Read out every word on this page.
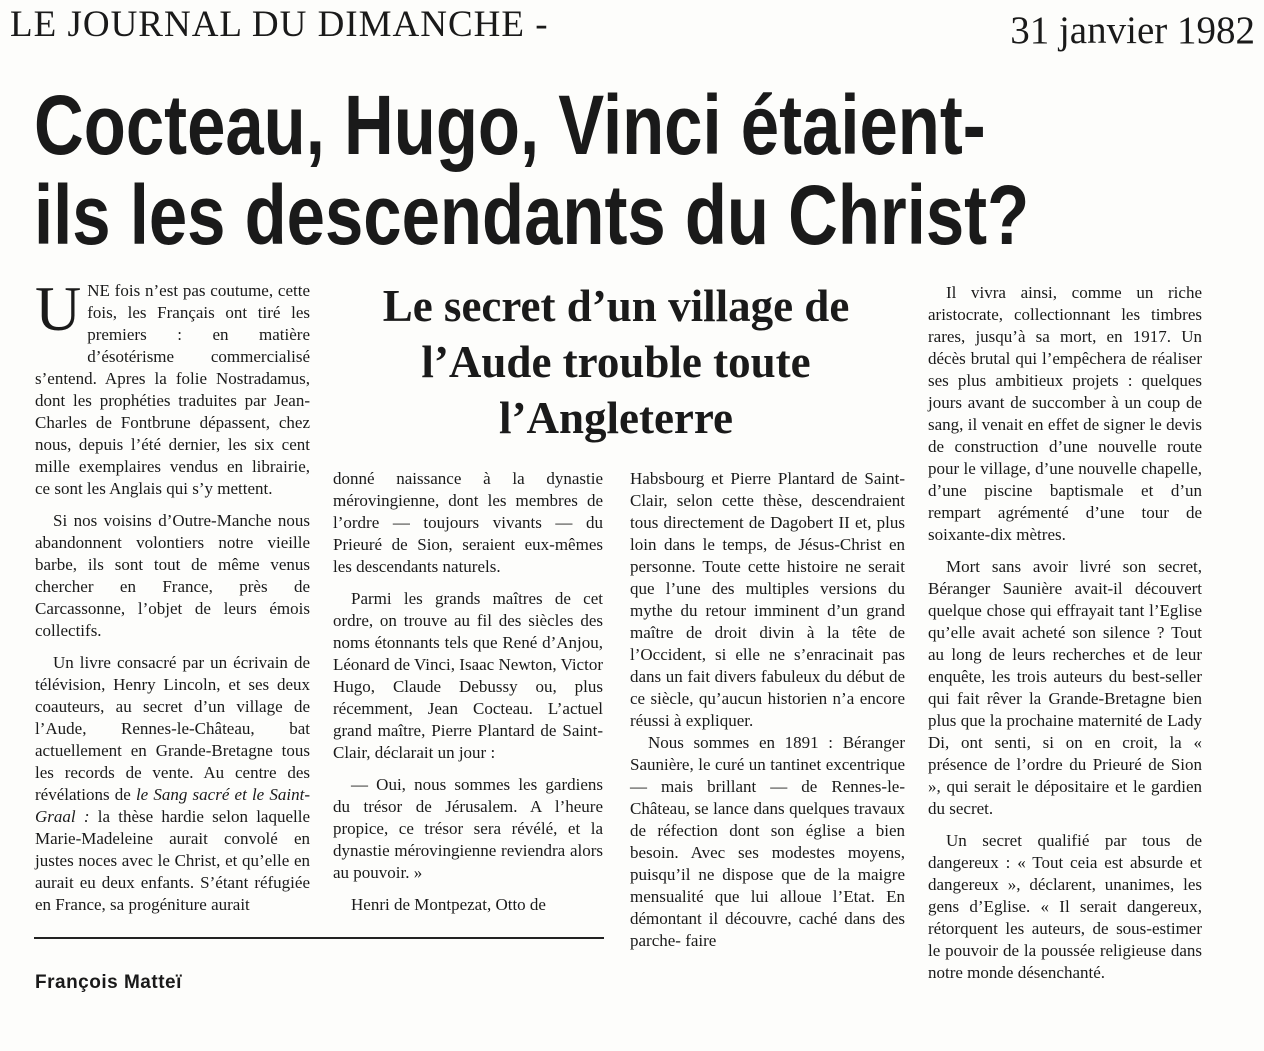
LE JOURNAL DU DIMANCHE -	31 janvier 1982
Cocteau, Hugo, Vinci étaient-
ils les descendants du Christ?
Le secret d’un village de l’Aude trouble toute l’Angleterre
U NE fois n’est pas coutume, cette fois, les Français ont tiré les premiers : en matière d’ésotérisme commercialisé s’entend. Apres la folie Nostradamus, dont les prophéties traduites par Jean-Charles de Fontbrune dépassent, chez nous, depuis l’été dernier, les six cent mille exemplaires vendus en librairie, ce sont les Anglais qui s’y mettent.

Si nos voisins d’Outre-Manche nous abandonnent volontiers notre vieille barbe, ils sont tout de même venus chercher en France, près de Carcassonne, l’objet de leurs émois collectifs.

Un livre consacré par un écrivain de télévision, Henry Lincoln, et ses deux coauteurs, au secret d’un village de l’Aude, Rennes-le-Château, bat actuellement en Grande-Bretagne tous les records de vente. Au centre des révélations de le Sang sacré et le Saint-Graal : la thèse hardie selon laquelle Marie-Madeleine aurait convolé en justes noces avec le Christ, et qu’elle en aurait eu deux enfants. S’étant réfugiée en France, sa progéniture aurait

donné naissance à la dynastie mérovingienne, dont les membres de l’ordre — toujours vivants — du Prieuré de Sion, seraient eux-mêmes les descendants naturels.

Parmi les grands maîtres de cet ordre, on trouve au fil des siècles des noms étonnants tels que René d’Anjou, Léonard de Vinci, Isaac Newton, Victor Hugo, Claude Debussy ou, plus récemment, Jean Cocteau. L’actuel grand maître, Pierre Plantard de Saint-Clair, déclarait un jour :

— Oui, nous sommes les gardiens du trésor de Jérusalem. A l’heure propice, ce trésor sera révélé, et la dynastie mérovingienne reviendra alors au pouvoir. »

Henri de Montpezat, Otto de

Habsbourg et Pierre Plantard de Saint-Clair, selon cette thèse, descendraient tous directement de Dagobert II et, plus loin dans le temps, de Jésus-Christ en personne. Toute cette histoire ne serait que l’une des multiples versions du mythe du retour imminent d’un grand maître de droit divin à la tête de l’Occident, si elle ne s’enracinait pas dans un fait divers fabuleux du début de ce siècle, qu’aucun historien n’a encore réussi à expliquer.

Nous sommes en 1891 : Béranger Saunière, le curé un tantinet excentrique — mais brillant — de Rennes-le-Château, se lance dans quelques travaux de réfection dont son église a bien besoin. Avec ses modestes moyens, puisqu’il ne dispose que de la maigre mensualité que lui alloue l’Etat. En démontant il découvre, caché dans des parche- faire

Il vivra ainsi, comme un riche aristocrate, collectionnant les timbres rares, jusqu’à sa mort, en 1917. Un décès brutal qui l’empêchera de réaliser ses plus ambitieux projets : quelques jours avant de succomber à un coup de sang, il venait en effet de signer le devis de construction d’une nouvelle route pour le village, d’une nouvelle chapelle, d’une piscine baptismale et d’un rempart agrémenté d’une tour de soixante-dix mètres.

Mort sans avoir livré son secret, Béranger Saunière avait-il découvert quelque chose qui effrayait tant l’Eglise qu’elle avait acheté son silence ? Tout au long de leurs recherches et de leur enquête, les trois auteurs du best-seller qui fait rêver la Grande-Bretagne bien plus que la prochaine maternité de Lady Di, ont senti, si on en croit, la « présence de l’ordre du Prieuré de Sion », qui serait le dépositaire et le gardien du secret.

Un secret qualifié par tous de dangereux : « Tout ceia est absurde et dangereux », déclarent, unanimes, les gens d’Eglise. « Il serait dangereux, rétorquent les auteurs, de sous-estimer le pouvoir de la poussée religieuse dans notre monde désenchanté.

François Matteï
